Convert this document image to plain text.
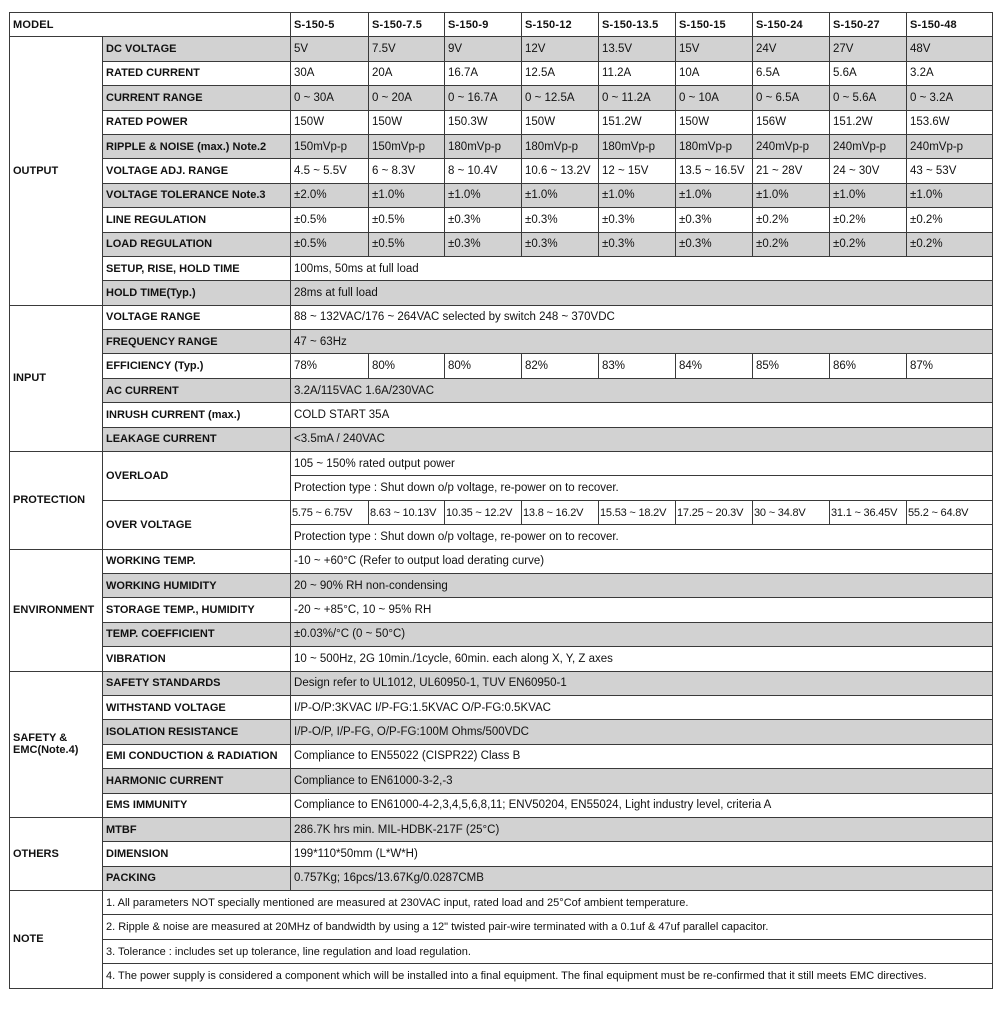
MODEL		S-150-5	S-150-7.5	S-150-9	S-150-12	S-150-13.5	S-150-15	S-150-24	S-150-27	S-150-48
OUTPUT	DC VOLTAGE	5V	7.5V	9V	12V	13.5V	15V	24V	27V	48V
	RATED CURRENT	30A	20A	16.7A	12.5A	11.2A	10A	6.5A	5.6A	3.2A
	CURRENT RANGE	0 ~ 30A	0 ~ 20A	0 ~ 16.7A	0 ~ 12.5A	0 ~ 11.2A	0 ~ 10A	0 ~ 6.5A	0 ~ 5.6A	0 ~ 3.2A
	RATED POWER	150W	150W	150.3W	150W	151.2W	150W	156W	151.2W	153.6W
	RIPPLE & NOISE (max.) Note.2	150mVp-p	150mVp-p	180mVp-p	180mVp-p	180mVp-p	180mVp-p	240mVp-p	240mVp-p	240mVp-p
	VOLTAGE ADJ. RANGE	4.5 ~ 5.5V	6 ~ 8.3V	8 ~ 10.4V	10.6 ~ 13.2V	12 ~ 15V	13.5 ~ 16.5V	21 ~ 28V	24 ~ 30V	43 ~ 53V
	VOLTAGE TOLERANCE Note.3	±2.0%	±1.0%	±1.0%	±1.0%	±1.0%	±1.0%	±1.0%	±1.0%	±1.0%
	LINE REGULATION	±0.5%	±0.5%	±0.3%	±0.3%	±0.3%	±0.3%	±0.2%	±0.2%	±0.2%
	LOAD REGULATION	±0.5%	±0.5%	±0.3%	±0.3%	±0.3%	±0.3%	±0.2%	±0.2%	±0.2%
	SETUP, RISE, HOLD TIME	100ms, 50ms at full load								
	HOLD TIME(Typ.)	28ms at full load								
INPUT	VOLTAGE RANGE	88 ~ 132VAC/176 ~ 264VAC selected by switch 248 ~ 370VDC								
	FREQUENCY RANGE	47 ~ 63Hz								
	EFFICIENCY (Typ.)	78%	80%	80%	82%	83%	84%	85%	86%	87%
	AC CURRENT	3.2A/115VAC 1.6A/230VAC								
	INRUSH CURRENT (max.)	COLD START 35A								
	LEAKAGE CURRENT	<3.5mA / 240VAC								
PROTECTION	OVERLOAD	105 ~ 150% rated output power								
		Protection type : Shut down o/p voltage, re-power on to recover.								
	OVER VOLTAGE	5.75 ~ 6.75V	8.63 ~ 10.13V	10.35 ~ 12.2V	13.8 ~ 16.2V	15.53 ~ 18.2V	17.25 ~ 20.3V	30 ~ 34.8V	31.1 ~ 36.45V	55.2 ~ 64.8V
		Protection type : Shut down o/p voltage, re-power on to recover.								
ENVIRONMENT	WORKING TEMP.	-10 ~ +60°C (Refer to output load derating curve)								
	WORKING HUMIDITY	20 ~ 90% RH non-condensing								
	STORAGE TEMP., HUMIDITY	-20 ~ +85°C, 10 ~ 95% RH								
	TEMP. COEFFICIENT	±0.03%/°C (0 ~ 50°C)								
	VIBRATION	10 ~ 500Hz, 2G 10min./1cycle, 60min. each along X, Y, Z axes								
SAFETY &
EMC(Note.4)	SAFETY STANDARDS	Design refer to UL1012, UL60950-1, TUV EN60950-1								
	WITHSTAND VOLTAGE	I/P-O/P:3KVAC I/P-FG:1.5KVAC O/P-FG:0.5KVAC								
	ISOLATION RESISTANCE	I/P-O/P, I/P-FG, O/P-FG:100M Ohms/500VDC								
	EMI CONDUCTION & RADIATION	Compliance to EN55022 (CISPR22) Class B								
	HARMONIC CURRENT	Compliance to EN61000-3-2,-3								
	EMS IMMUNITY	Compliance to EN61000-4-2,3,4,5,6,8,11; ENV50204, EN55024, Light industry level, criteria A								
OTHERS	MTBF	286.7K hrs min. MIL-HDBK-217F (25°C)								
	DIMENSION	199*110*50mm (L*W*H)								
	PACKING	0.757Kg; 16pcs/13.67Kg/0.0287CMB								
NOTE	1. All parameters NOT specially mentioned are measured at 230VAC input, rated load and 25°Cof ambient temperature.									
	2. Ripple & noise are measured at 20MHz of bandwidth by using a 12" twisted pair-wire terminated with a 0.1uf & 47uf parallel capacitor.									
	3. Tolerance : includes set up tolerance, line regulation and load regulation.									
	4. The power supply is considered a component which will be installed into a final equipment. The final equipment must be re-confirmed that it still meets EMC directives.									
